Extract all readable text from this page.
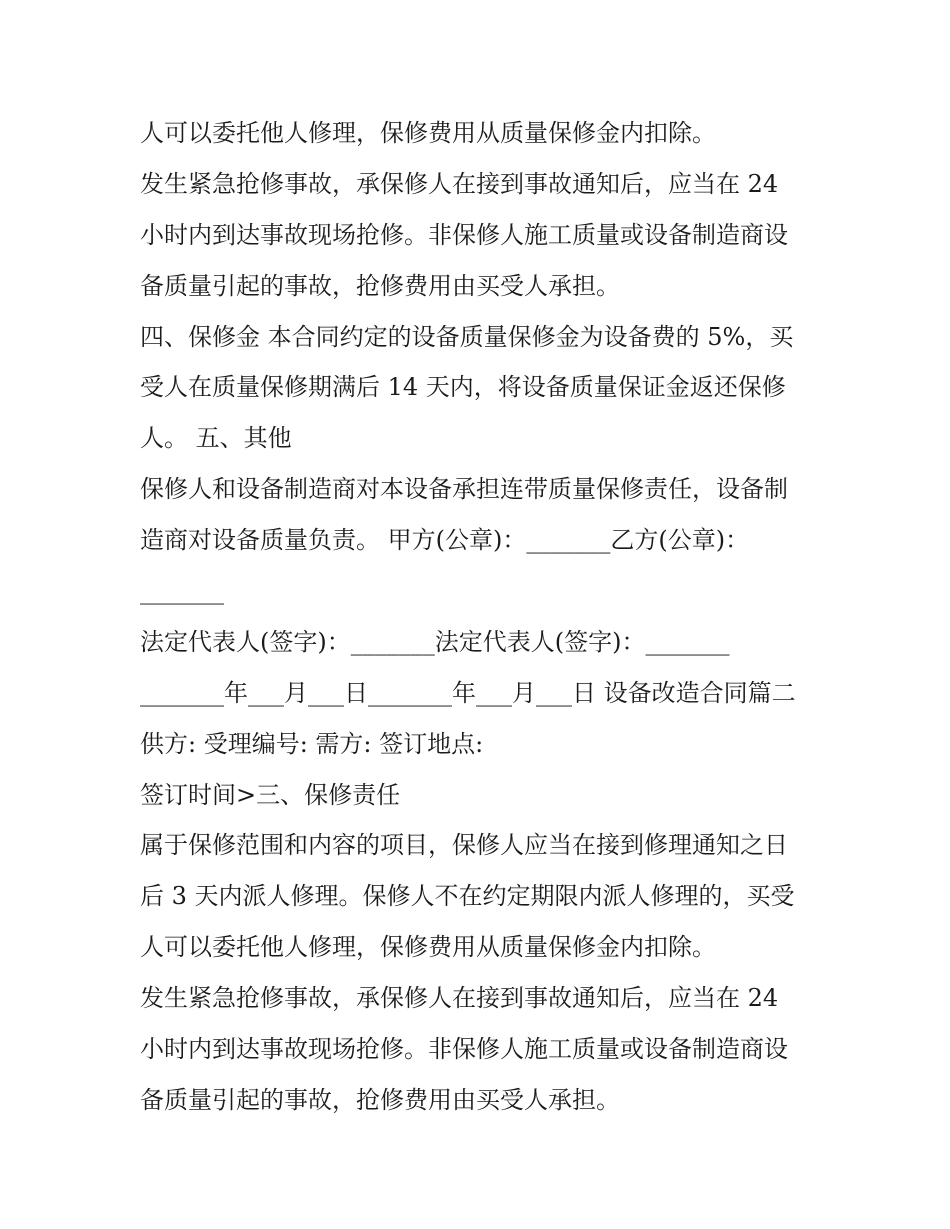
人可以委托他人修理，保修费用从质量保修金内扣除。
发生紧急抢修事故，承保修人在接到事故通知后，应当在 24
小时内到达事故现场抢修。非保修人施工质量或设备制造商设
备质量引起的事故，抢修费用由买受人承担。
四、保修金 本合同约定的设备质量保修金为设备费的 5%，买
受人在质量保修期满后 14 天内，将设备质量保证金返还保修
人。 五、其他
保修人和设备制造商对本设备承担连带质量保修责任，设备制
造商对设备质量负责。 甲方(公章)：_______乙方(公章)：
_______
法定代表人(签字)：_______法定代表人(签字)：_______
_______年___月___日_______年___月___日 设备改造合同篇二
供方: 受理编号: 需方: 签订地点:
签订时间>三、保修责任
属于保修范围和内容的项目，保修人应当在接到修理通知之日
后 3 天内派人修理。保修人不在约定期限内派人修理的，买受
人可以委托他人修理，保修费用从质量保修金内扣除。
发生紧急抢修事故，承保修人在接到事故通知后，应当在 24
小时内到达事故现场抢修。非保修人施工质量或设备制造商设
备质量引起的事故，抢修费用由买受人承担。
